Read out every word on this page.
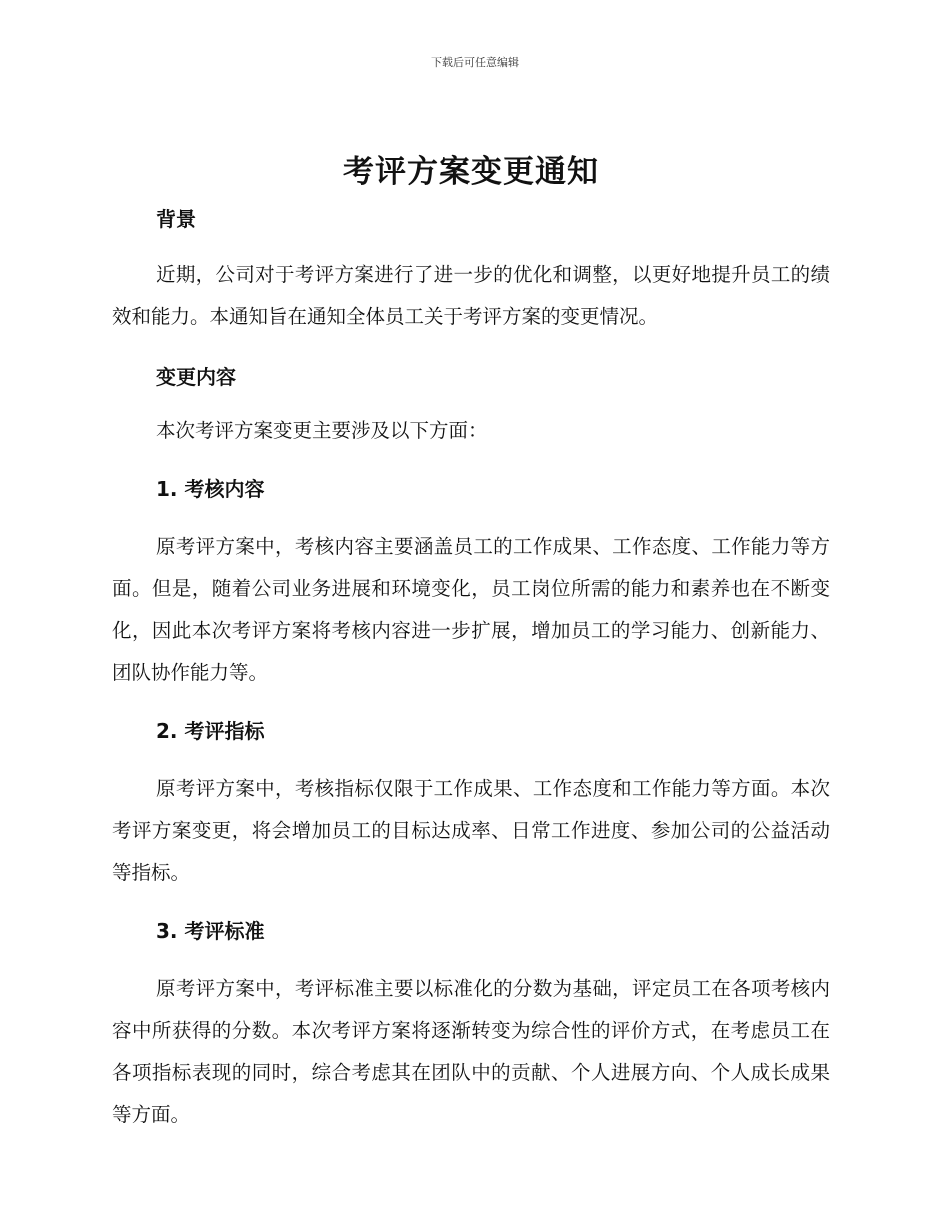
下载后可任意编辑
考评方案变更通知
背景

近期，公司对于考评方案进行了进一步的优化和调整，以更好地提升员工的绩效和能力。本通知旨在通知全体员工关于考评方案的变更情况。

变更内容

本次考评方案变更主要涉及以下方面：

1. 考核内容

原考评方案中，考核内容主要涵盖员工的工作成果、工作态度、工作能力等方面。但是，随着公司业务进展和环境变化，员工岗位所需的能力和素养也在不断变化，因此本次考评方案将考核内容进一步扩展，增加员工的学习能力、创新能力、团队协作能力等。

2. 考评指标

原考评方案中，考核指标仅限于工作成果、工作态度和工作能力等方面。本次考评方案变更，将会增加员工的目标达成率、日常工作进度、参加公司的公益活动等指标。

3. 考评标准

原考评方案中，考评标准主要以标准化的分数为基础，评定员工在各项考核内容中所获得的分数。本次考评方案将逐渐转变为综合性的评价方式，在考虑员工在各项指标表现的同时，综合考虑其在团队中的贡献、个人进展方向、个人成长成果等方面。
